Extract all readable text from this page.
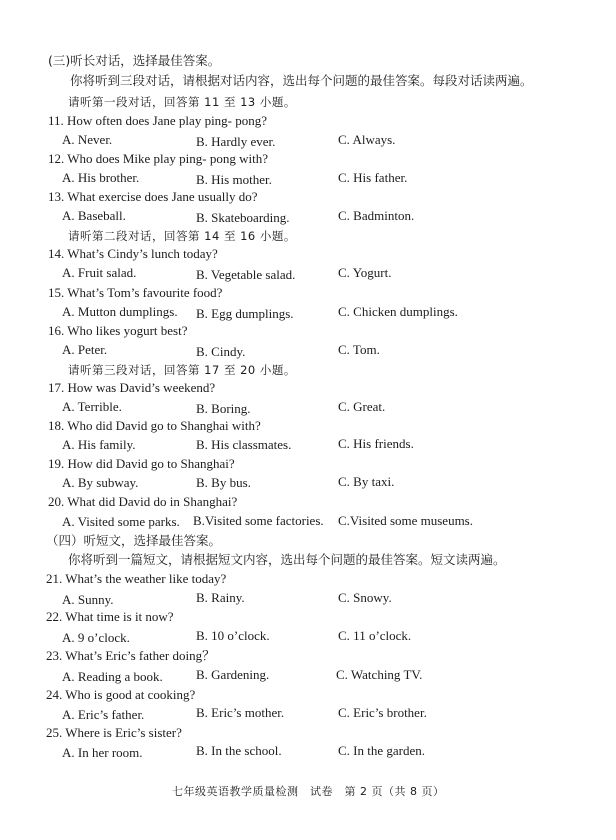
(三)听长对话，选择最佳答案。
你将听到三段对话，请根据对话内容，选出每个问题的最佳答案。每段对话读两遍。
请听第一段对话，回答第 11 至 13 小题。
11. How often does Jane play ping- pong?
A. Never.	B. Hardly ever.	C. Always.
12. Who does Mike play ping- pong with?
A. His brother.	B. His mother.	C. His father.
13. What exercise does Jane usually do?
A. Baseball.	B. Skateboarding.	C. Badminton.
请听第二段对话，回答第 14 至 16 小题。
14. What’s Cindy’s lunch today?
A. Fruit salad.	B. Vegetable salad.	C. Yogurt.
15. What’s Tom’s favourite food?
A. Mutton dumplings. B. Egg dumplings.	C. Chicken dumplings.
16. Who likes yogurt best?
A. Peter.	B. Cindy.	C. Tom.
请听第三段对话，回答第 17 至 20 小题。
17. How was David’s weekend?
A. Terrible.	B. Boring.	C. Great.
18. Who did David go to Shanghai with?
A. His family.	B. His classmates.	C. His friends.
19. How did David go to Shanghai?
A. By subway.	B. By bus.	C. By taxi.
20. What did David do in Shanghai?
A. Visited some parks. B.Visited some factories. C.Visited some museums.
（四）听短文，选择最佳答案。
你将听到一篇短文，请根据短文内容，选出每个问题的最佳答案。短文读两遍。
21. What’s the weather like today?
A. Sunny.	B. Rainy.	C. Snowy.
22. What time is it now?
A. 9 o’clock.	B. 10 o’clock.	C. 11 o’clock.
23. What’s Eric’s father doing？
A. Reading a book.	B. Gardening.	C. Watching TV.
24. Who is good at cooking?
A. Eric’s father.	B. Eric’s mother.	C. Eric’s brother.
25. Where is Eric’s sister?
A. In her room.	B. In the school.	C. In the garden.
七年级英语教学质量检测　试卷　第 2 页（共 8 页）
